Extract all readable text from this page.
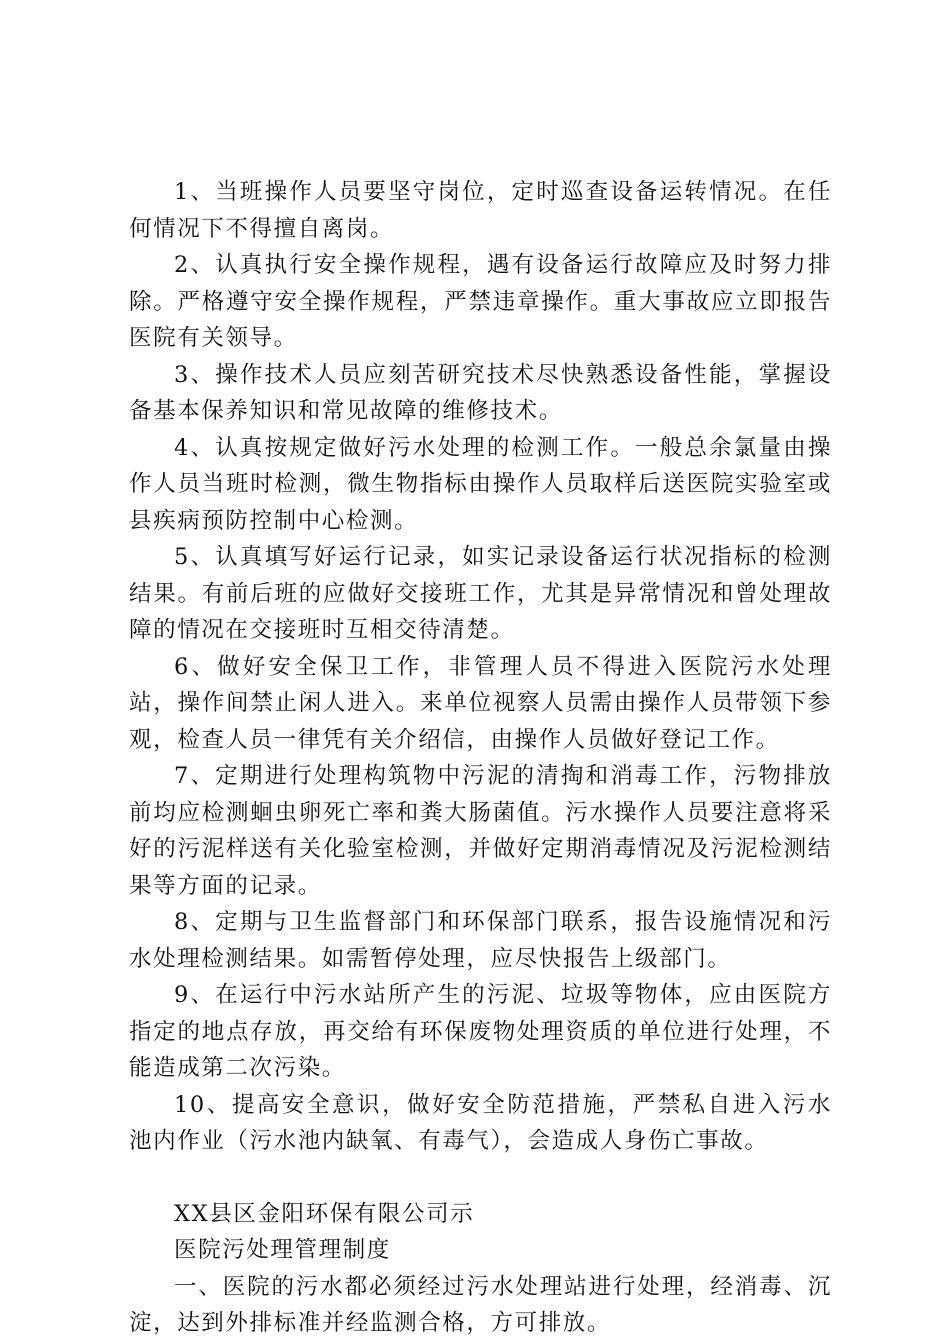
1、当班操作人员要坚守岗位，定时巡查设备运转情况。在任何情况下不得擅自离岗。

2、认真执行安全操作规程，遇有设备运行故障应及时努力排除。严格遵守安全操作规程，严禁违章操作。重大事故应立即报告医院有关领导。

3、操作技术人员应刻苦研究技术尽快熟悉设备性能，掌握设备基本保养知识和常见故障的维修技术。

4、认真按规定做好污水处理的检测工作。一般总余氯量由操作人员当班时检测，微生物指标由操作人员取样后送医院实验室或县疾病预防控制中心检测。

5、认真填写好运行记录，如实记录设备运行状况指标的检测结果。有前后班的应做好交接班工作，尤其是异常情况和曾处理故障的情况在交接班时互相交待清楚。

6、做好安全保卫工作，非管理人员不得进入医院污水处理站，操作间禁止闲人进入。来单位视察人员需由操作人员带领下参观，检查人员一律凭有关介绍信，由操作人员做好登记工作。

7、定期进行处理构筑物中污泥的清掏和消毒工作，污物排放前均应检测蛔虫卵死亡率和粪大肠菌值。污水操作人员要注意将采好的污泥样送有关化验室检测，并做好定期消毒情况及污泥检测结果等方面的记录。

8、定期与卫生监督部门和环保部门联系，报告设施情况和污水处理检测结果。如需暂停处理，应尽快报告上级部门。

9、在运行中污水站所产生的污泥、垃圾等物体，应由医院方指定的地点存放，再交给有环保废物处理资质的单位进行处理，不能造成第二次污染。

10、提高安全意识，做好安全防范措施，严禁私自进入污水池内作业（污水池内缺氧、有毒气），会造成人身伤亡事故。

XX县区金阳环保有限公司示

医院污处理管理制度

一、医院的污水都必须经过污水处理站进行处理，经消毒、沉淀，达到外排标准并经监测合格，方可排放。
